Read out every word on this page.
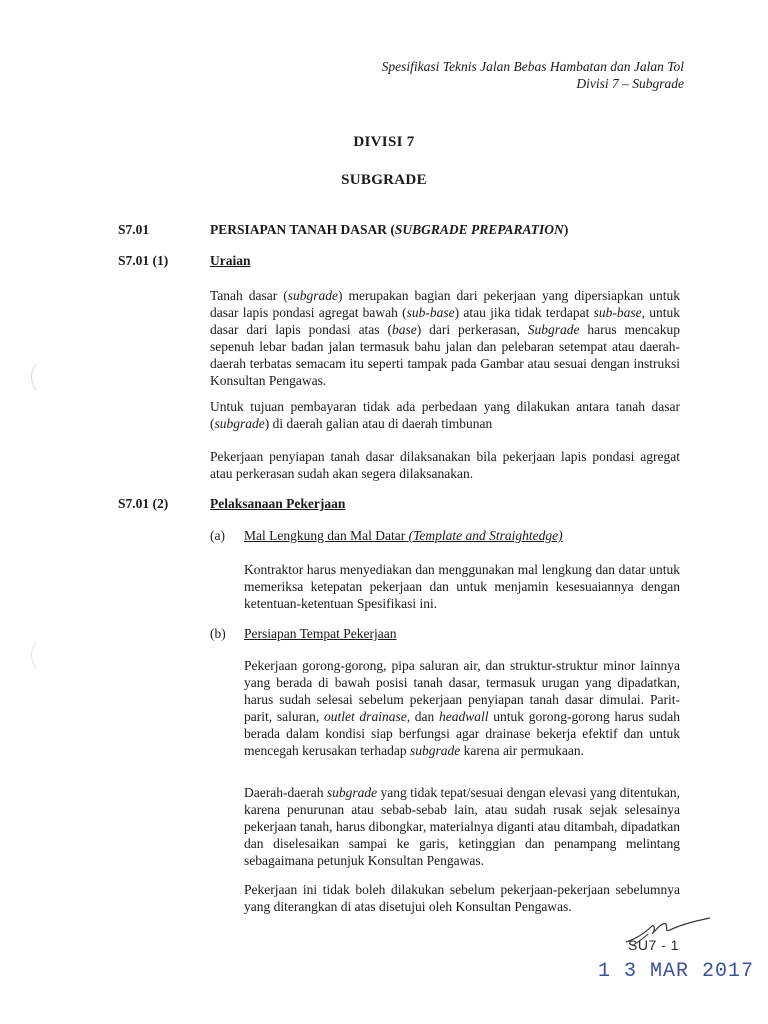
Spesifikasi Teknis Jalan Bebas Hambatan dan Jalan Tol
Divisi 7 – Subgrade
DIVISI 7
SUBGRADE
S7.01	PERSIAPAN TANAH DASAR (SUBGRADE PREPARATION)
S7.01 (1)	Uraian
Tanah dasar (subgrade) merupakan bagian dari pekerjaan yang dipersiapkan untuk dasar lapis pondasi agregat bawah (sub-base) atau jika tidak terdapat sub-base, untuk dasar dari lapis pondasi atas (base) dari perkerasan, Subgrade harus mencakup sepenuh lebar badan jalan termasuk bahu jalan dan pelebaran setempat atau daerah-daerah terbatas semacam itu seperti tampak pada Gambar atau sesuai dengan instruksi Konsultan Pengawas.
Untuk tujuan pembayaran tidak ada perbedaan yang dilakukan antara tanah dasar (subgrade) di daerah galian atau di daerah timbunan
Pekerjaan penyiapan tanah dasar dilaksanakan bila pekerjaan lapis pondasi agregat atau perkerasan sudah akan segera dilaksanakan.
S7.01 (2)	Pelaksanaan Pekerjaan
(a) Mal Lengkung dan Mal Datar (Template and Straightedge)
Kontraktor harus menyediakan dan menggunakan mal lengkung dan datar untuk memeriksa ketepatan pekerjaan dan untuk menjamin kesesuaiannya dengan ketentuan-ketentuan Spesifikasi ini.
(b) Persiapan Tempat Pekerjaan
Pekerjaan gorong-gorong, pipa saluran air, dan struktur-struktur minor lainnya yang berada di bawah posisi tanah dasar, termasuk urugan yang dipadatkan, harus sudah selesai sebelum pekerjaan penyiapan tanah dasar dimulai. Parit-parit, saluran, outlet drainase, dan headwall untuk gorong-gorong harus sudah berada dalam kondisi siap berfungsi agar drainase bekerja efektif dan untuk mencegah kerusakan terhadap subgrade karena air permukaan.
Daerah-daerah subgrade yang tidak tepat/sesuai dengan elevasi yang ditentukan, karena penurunan atau sebab-sebab lain, atau sudah rusak sejak selesainya pekerjaan tanah, harus dibongkar, materialnya diganti atau ditambah, dipadatkan dan diselesaikan sampai ke garis, ketinggian dan penampang melintang sebagaimana petunjuk Konsultan Pengawas.
Pekerjaan ini tidak boleh dilakukan sebelum pekerjaan-pekerjaan sebelumnya yang diterangkan di atas disetujui oleh Konsultan Pengawas.
SU7 - 1
1 3 MAR 2017
